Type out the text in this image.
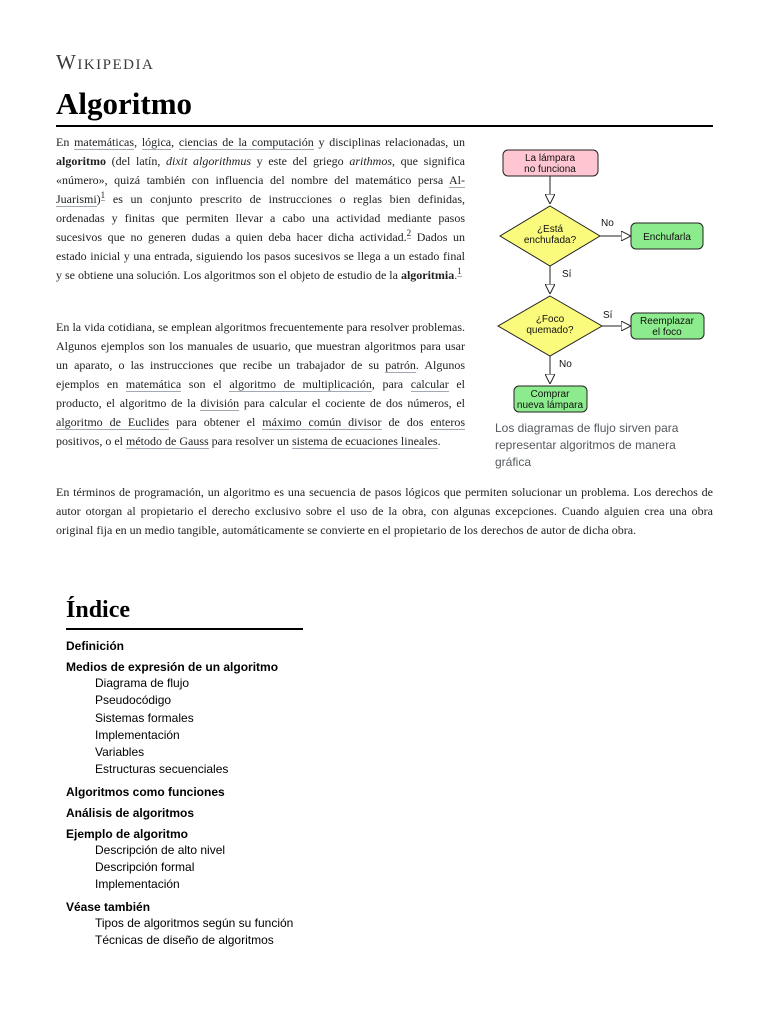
Wikipedia
Algoritmo

En matemáticas, lógica, ciencias de la computación y disciplinas relacionadas, un algoritmo (del latín, dixit algorithmus y este del griego arithmos, que significa «número», quizá también con influencia del nombre del matemático persa Al-Juarismi)$^1$ es un conjunto prescrito de instrucciones o reglas bien definidas, ordenadas y finitas que permiten llevar a cabo una actividad mediante pasos sucesivos que no generen dudas a quien deba hacer dicha actividad.$^2$ Dados un estado inicial y una entrada, siguiendo los pasos sucesivos se llega a un estado final y se obtiene una solución. Los algoritmos son el objeto de estudio de la algoritmia.$^1$

En la vida cotidiana, se emplean algoritmos frecuentemente para resolver problemas. Algunos ejemplos son los manuales de usuario, que muestran algoritmos para usar un aparato, o las instrucciones que recibe un trabajador de su patrón. Algunos ejemplos en matemática son el algoritmo de multiplicación, para calcular el producto, el algoritmo de la división para calcular el cociente de dos números, el algoritmo de Euclides para obtener el máximo común divisor de dos enteros positivos, o el método de Gauss para resolver un sistema de ecuaciones lineales.

En términos de programación, un algoritmo es una secuencia de pasos lógicos que permiten solucionar un problema. Los derechos de autor otorgan al propietario el derecho exclusivo sobre el uso de la obra, con algunas excepciones. Cuando alguien crea una obra original fija en un medio tangible, automáticamente se convierte en el propietario de los derechos de autor de dicha obra.

La lámpara
no funciona
¿Está
enchufada?	Enchufarla
¿Foco
quemado?
Reemplazar
el foco
Comprar
nueva lámpara
No
Sí
Sí
No
Los diagramas de flujo sirven para representar algoritmos de manera gráfica
Índice
Definición
Medios de expresión de un algoritmo
Diagrama de flujo
Pseudocódigo
Sistemas formales
Implementación
Variables
Estructuras secuenciales
Algoritmos como funciones
Análisis de algoritmos
Ejemplo de algoritmo
Descripción de alto nivel
Descripción formal
Implementación
Véase también
Tipos de algoritmos según su función
Técnicas de diseño de algoritmos
